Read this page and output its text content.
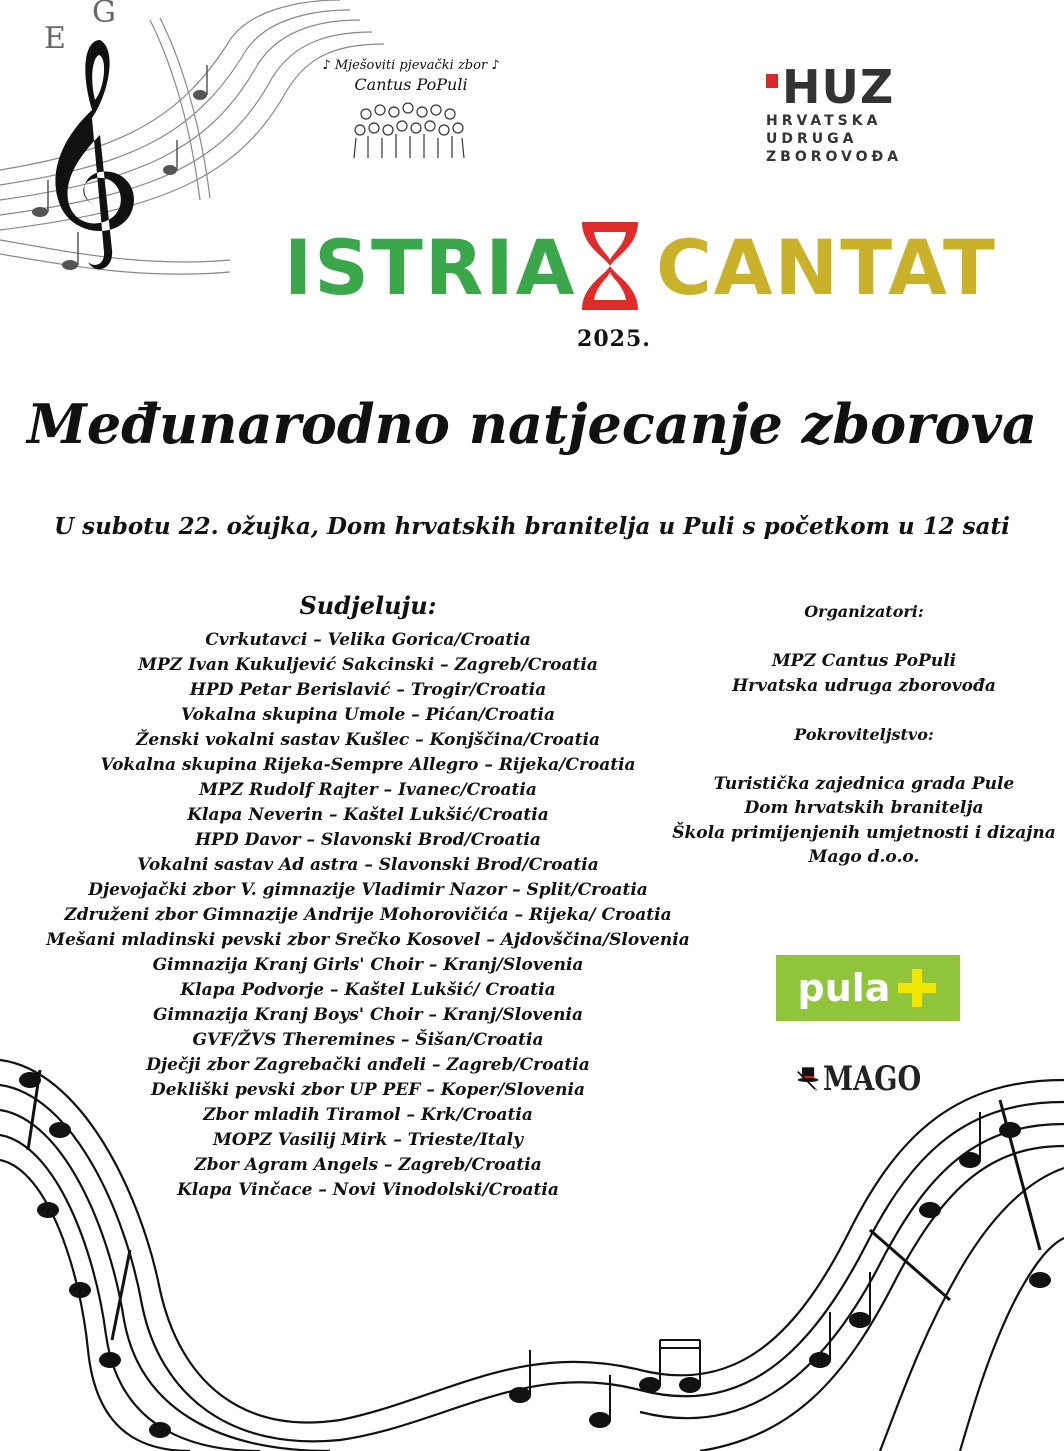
E
G
♪ Mješoviti pjevački zbor ♪
Cantus PoPuli	HUZ
HRVATSKA
UDRUGA
ZBOROVOĐA
ISTRIA CANTAT
2025.
Međunarodno natjecanje zborova
U subotu 22. ožujka, Dom hrvatskih branitelja u Puli s početkom u 12 sati
Sudjeluju:
Cvrkutavci – Velika Gorica/Croatia
MPZ Ivan Kukuljević Sakcinski – Zagreb/Croatia
HPD Petar Berislavić – Trogir/Croatia
Vokalna skupina Umole – Pićan/Croatia
Ženski vokalni sastav Kušlec – Konjščina/Croatia
Vokalna skupina Rijeka-Sempre Allegro – Rijeka/Croatia
MPZ Rudolf Rajter – Ivanec/Croatia
Klapa Neverin – Kaštel Lukšić/Croatia
HPD Davor – Slavonski Brod/Croatia
Vokalni sastav Ad astra – Slavonski Brod/Croatia
Djevojački zbor V. gimnazije Vladimir Nazor – Split/Croatia
Združeni zbor Gimnazije Andrije Mohorovičića – Rijeka/ Croatia
Mešani mladinski pevski zbor Srečko Kosovel – Ajdovščina/Slovenia
Gimnazija Kranj Girls' Choir – Kranj/Slovenia
Klapa Podvorje – Kaštel Lukšić/ Croatia
Gimnazija Kranj Boys' Choir – Kranj/Slovenia
GVF/ŽVS Theremines – Šišan/Croatia
Dječji zbor Zagrebački anđeli – Zagreb/Croatia
Dekliški pevski zbor UP PEF – Koper/Slovenia
Zbor mladih Tiramol – Krk/Croatia
MOPZ Vasilij Mirk – Trieste/Italy
Zbor Agram Angels – Zagreb/Croatia
Klapa Vinčace – Novi Vinodolski/Croatia
Organizatori:
MPZ Cantus PoPuli
Hrvatska udruga zborovođa
Pokroviteljstvo:
Turistička zajednica grada Pule
Dom hrvatskih branitelja
Škola primijenjenih umjetnosti i dizajna
Mago d.o.o.
pula
MAGO
